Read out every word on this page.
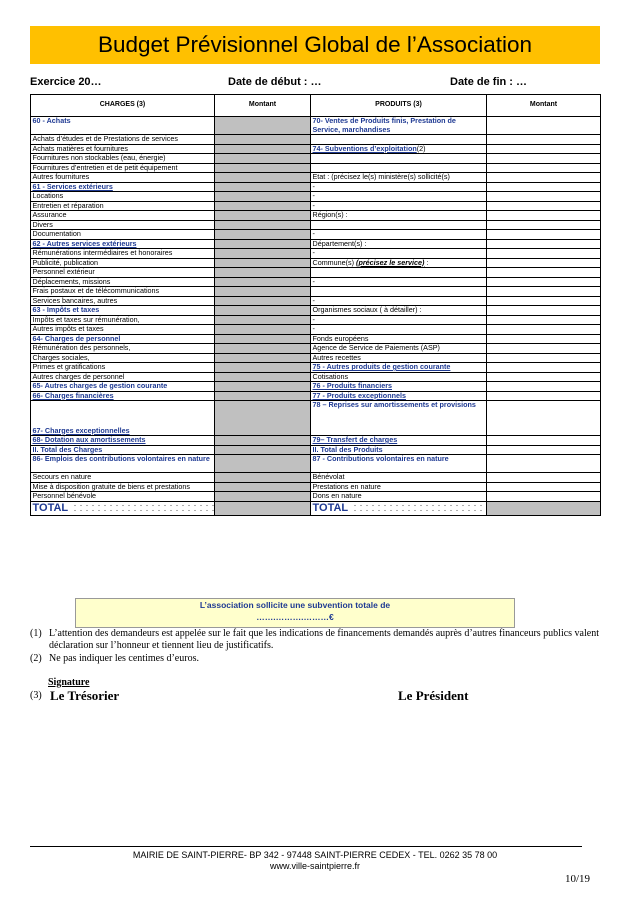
Budget Prévisionnel Global de l’Association
Exercice 20…	Date de début : …	Date de fin : …
CHARGES (3)	Montant	PRODUITS (3)	Montant
60 - Achats		70- Ventes de Produits finis, Prestation de Service, marchandises	
Achats d’études et de Prestations de services			
Achats matières et fournitures		74- Subventions d’exploitation(2)	
Fournitures non stockables (eau, énergie)			
Fournitures d’entretien et de petit équipement			
Autres fournitures		Etat : (précisez le(s) ministère(s) sollicité(s)	
61 - Services extérieurs		-	
Locations		-	
Entretien et réparation		-	
Assurance		Région(s) :	
Divers			
Documentation		-	
62 - Autres services extérieurs		Département(s) :	
Rémunérations intermédiaires et honoraires		-	
Publicité, publication		Commune(s) (précisez le service) :	
Personnel extérieur			
Déplacements, missions		-	
Frais postaux et de télécommunications			
Services bancaires, autres		-	
63 - Impôts et taxes		Organismes sociaux ( à détailler) :	
Impôts et taxes sur rémunération,		-	
Autres impôts et taxes		-	
64- Charges de personnel		Fonds européens	
Rémunération des personnels,		Agence de Service de Paiements (ASP)	
Charges sociales,		Autres recettes	
Primes et gratifications		75 - Autres produits de gestion courante	
Autres charges de personnel		Cotisations	
65- Autres charges de gestion courante		76 - Produits financiers	
66- Charges financières		77 - Produits exceptionnels	
67- Charges exceptionnelles		78 – Reprises sur amortissements et provisions	
68- Dotation aux amortissements		79– Transfert de charges	
II. Total des Charges		II. Total des Produits	
86- Emplois des contributions volontaires en nature		87 - Contributions volontaires en nature	
Secours en nature		Bénévolat	
Mise à disposition gratuite de biens et prestations		Prestations en nature	
Personnel bénévole		Dons en nature	
TOTAL		TOTAL	
L’association sollicite une subvention totale de
…….……….………€
(1) L’attention des demandeurs est appelée sur le fait que les indications de financements demandés auprès d’autres financeurs publics valent déclaration sur l’honneur et tiennent lieu de justificatifs.
(2) Ne pas indiquer les centimes d’euros.
Signature
(3) Le Trésorier	Le Président
MAIRIE DE SAINT-PIERRE- BP 342 - 97448 SAINT-PIERRE CEDEX - TEL. 0262 35 78 00
www.ville-saintpierre.fr
10/19
